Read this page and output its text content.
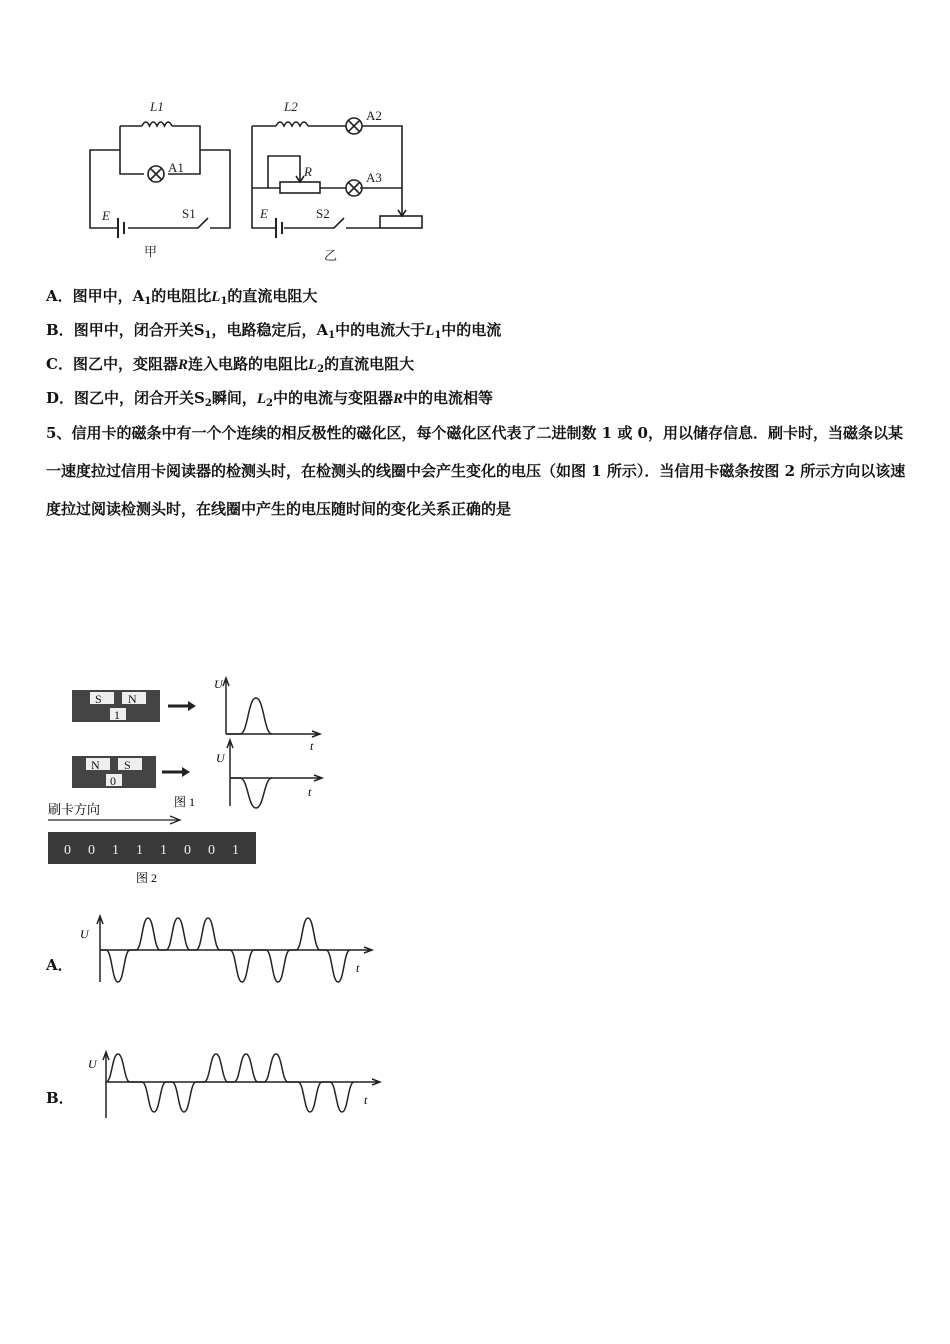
L1
A1
E	S1
甲
L2
A2
R	A3
E	S2
乙
A．图甲中，$A_1$的电阻比$L_1$的直流电阻大
B．图甲中，闭合开关$S_1$，电路稳定后，$A_1$中的电流大于$L_1$中的电流
C．图乙中，变阻器R连入电路的电阻比$L_2$的直流电阻大
D．图乙中，闭合开关$S_2$瞬间，$L_2$中的电流与变阻器R中的电流相等
5、信用卡的磁条中有一个个连续的相反极性的磁化区，每个磁化区代表了二进制数 1 或 0，用以储存信息．刷卡时，当磁条以某一速度拉过信用卡阅读器的检测头时，在检测头的线圈中会产生变化的电压（如图 1 所示）．当信用卡磁条按图 2 所示方向以该速度拉过阅读检测头时，在线圈中产生的电压随时间的变化关系正确的是
S N
1
U
t
N S
0
U
t
图 1
刷卡方向
0 0 1 1 1 0 0 1
图 2
A．
U
t
B．
U
t
